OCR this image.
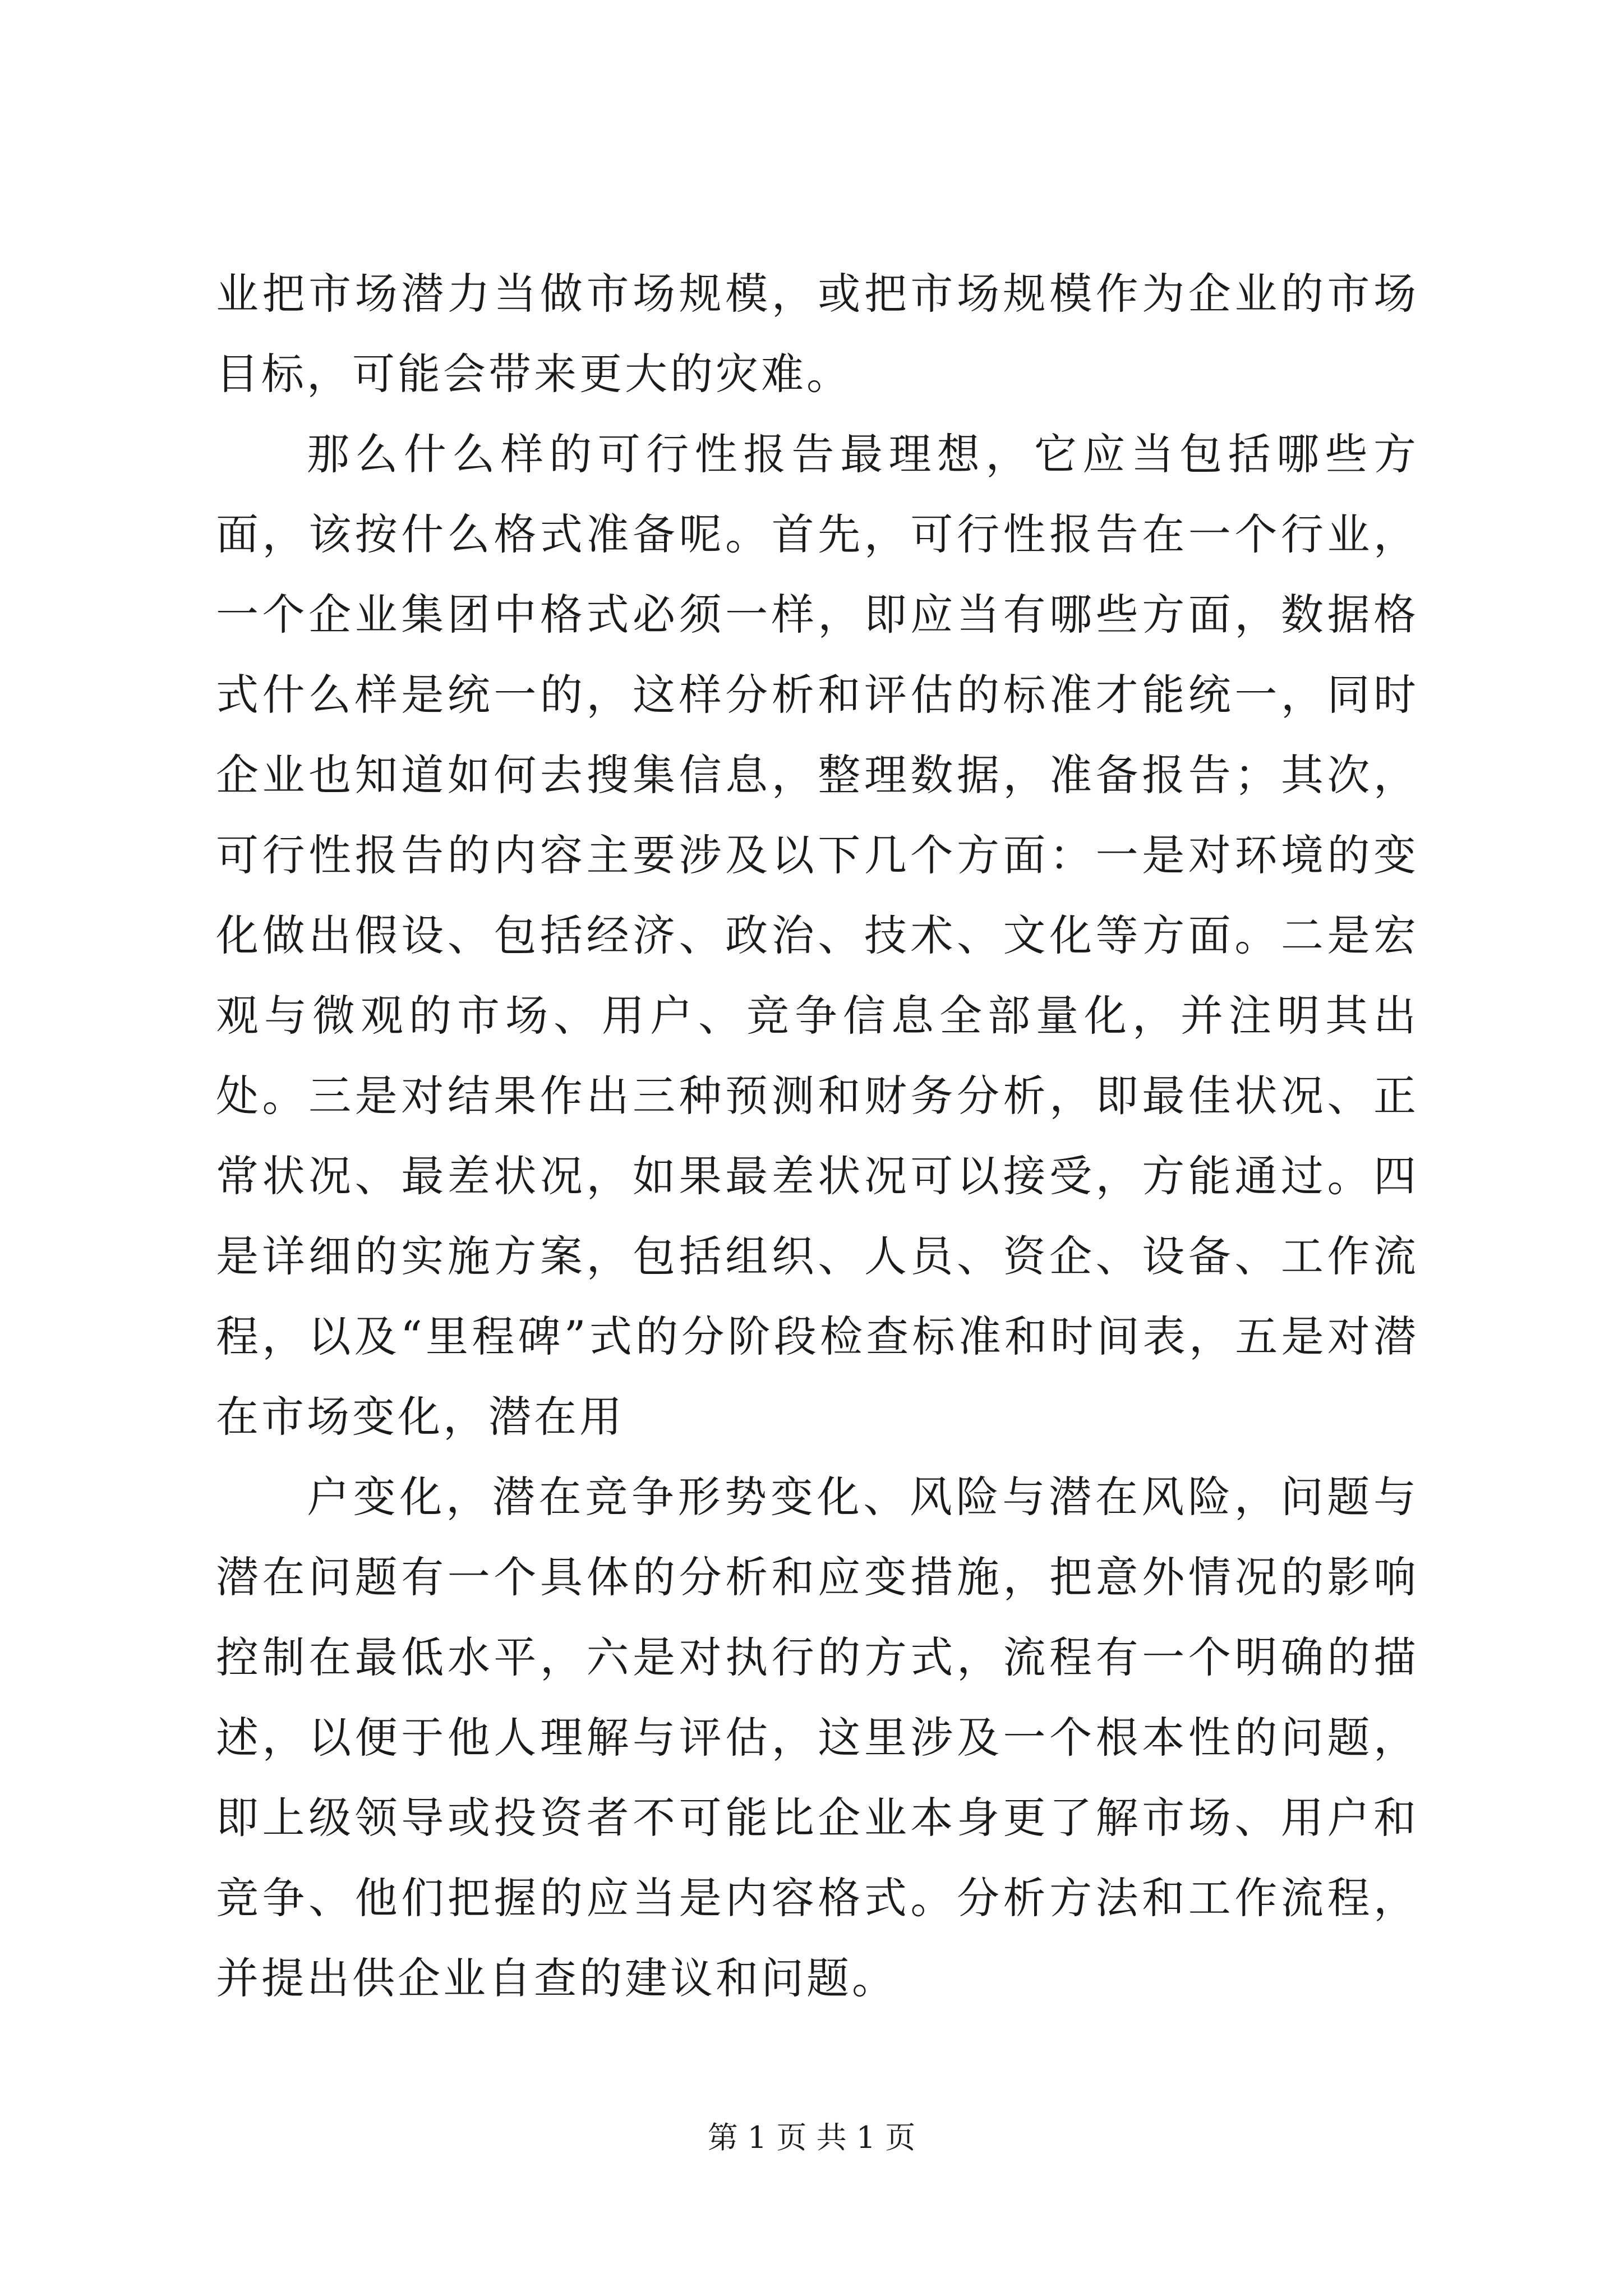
业把市场潜力当做市场规模，或把市场规模作为企业的市场目标，可能会带来更大的灾难。

那么什么样的可行性报告最理想，它应当包括哪些方面，该按什么格式准备呢。首先，可行性报告在一个行业，一个企业集团中格式必须一样，即应当有哪些方面，数据格式什么样是统一的，这样分析和评估的标准才能统一，同时企业也知道如何去搜集信息，整理数据，准备报告；其次，可行性报告的内容主要涉及以下几个方面：一是对环境的变化做出假设、包括经济、政治、技术、文化等方面。二是宏观与微观的市场、用户、竞争信息全部量化，并注明其出处。三是对结果作出三种预测和财务分析，即最佳状况、正常状况、最差状况，如果最差状况可以接受，方能通过。四是详细的实施方案，包括组织、人员、资企、设备、工作流程，以及“里程碑”式的分阶段检查标准和时间表，五是对潜在市场变化，潜在用

户变化，潜在竞争形势变化、风险与潜在风险，问题与潜在问题有一个具体的分析和应变措施，把意外情况的影响控制在最低水平，六是对执行的方式，流程有一个明确的描述，以便于他人理解与评估，这里涉及一个根本性的问题，即上级领导或投资者不可能比企业本身更了解市场、用户和竞争、他们把握的应当是内容格式。分析方法和工作流程，并提出供企业自查的建议和问题。

第 1 页 共 1 页
